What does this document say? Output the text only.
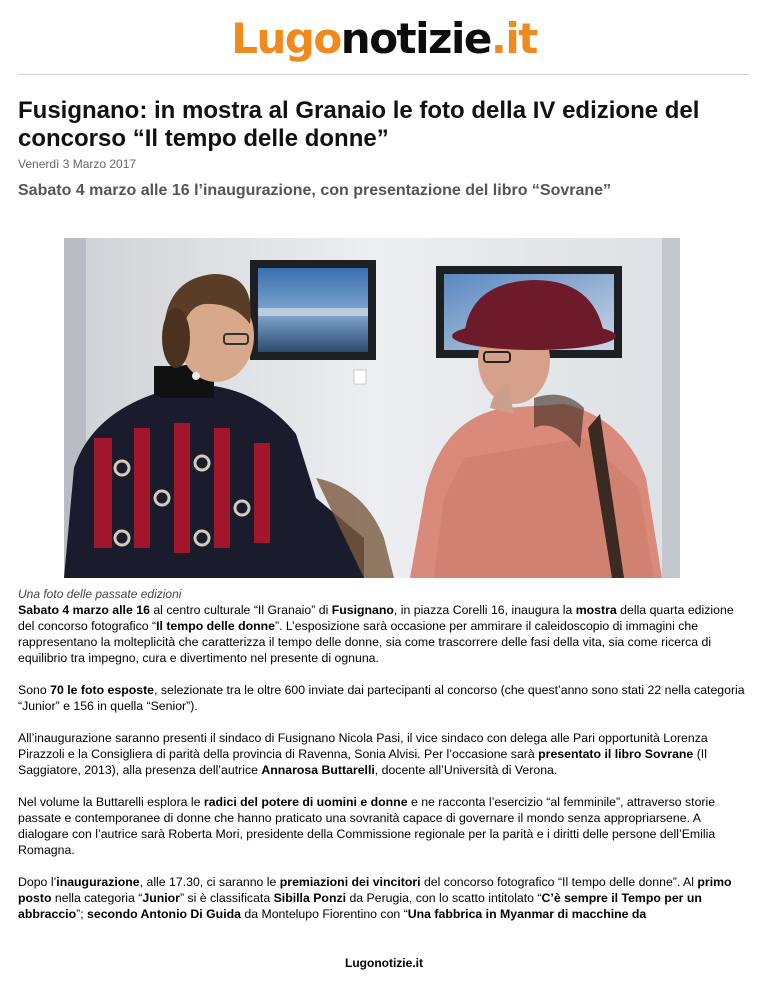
Lugonotizie.it
Fusignano: in mostra al Granaio le foto della IV edizione del concorso “Il tempo delle donne”
Venerdì 3 Marzo 2017
Sabato 4 marzo alle 16 l’inaugurazione, con presentazione del libro “Sovrane”
Una foto delle passate edizioni

Sabato 4 marzo alle 16 al centro culturale “Il Granaio” di Fusignano, in piazza Corelli 16, inaugura la mostra della quarta edizione del concorso fotografico “Il tempo delle donne”. L’esposizione sarà occasione per ammirare il caleidoscopio di immagini che rappresentano la molteplicità che caratterizza il tempo delle donne, sia come trascorrere delle fasi della vita, sia come ricerca di equilibrio tra impegno, cura e divertimento nel presente di ognuna.

Sono 70 le foto esposte, selezionate tra le oltre 600 inviate dai partecipanti al concorso (che quest’anno sono stati 22 nella categoria “Junior” e 156 in quella “Senior”).

All’inaugurazione saranno presenti il sindaco di Fusignano Nicola Pasi, il vice sindaco con delega alle Pari opportunità Lorenza Pirazzoli e la Consigliera di parità della provincia di Ravenna, Sonia Alvisi. Per l’occasione sarà presentato il libro Sovrane (Il Saggiatore, 2013), alla presenza dell’autrice Annarosa Buttarelli, docente all’Università di Verona.

Nel volume la Buttarelli esplora le radici del potere di uomini e donne e ne racconta l’esercizio “al femminile”, attraverso storie passate e contemporanee di donne che hanno praticato una sovranità capace di governare il mondo senza appropriarsene. A dialogare con l’autrice sarà Roberta Mori, presidente della Commissione regionale per la parità e i diritti delle persone dell’Emilia Romagna.

Dopo l’inaugurazione, alle 17.30, ci saranno le premiazioni dei vincitori del concorso fotografico “Il tempo delle donne”. Al primo posto nella categoria “Junior” si è classificata Sibilla Ponzi da Perugia, con lo scatto intitolato “C’è sempre il Tempo per un abbraccio”; secondo Antonio Di Guida da Montelupo Fiorentino con “Una fabbrica in Myanmar di macchine da

Lugonotizie.it
